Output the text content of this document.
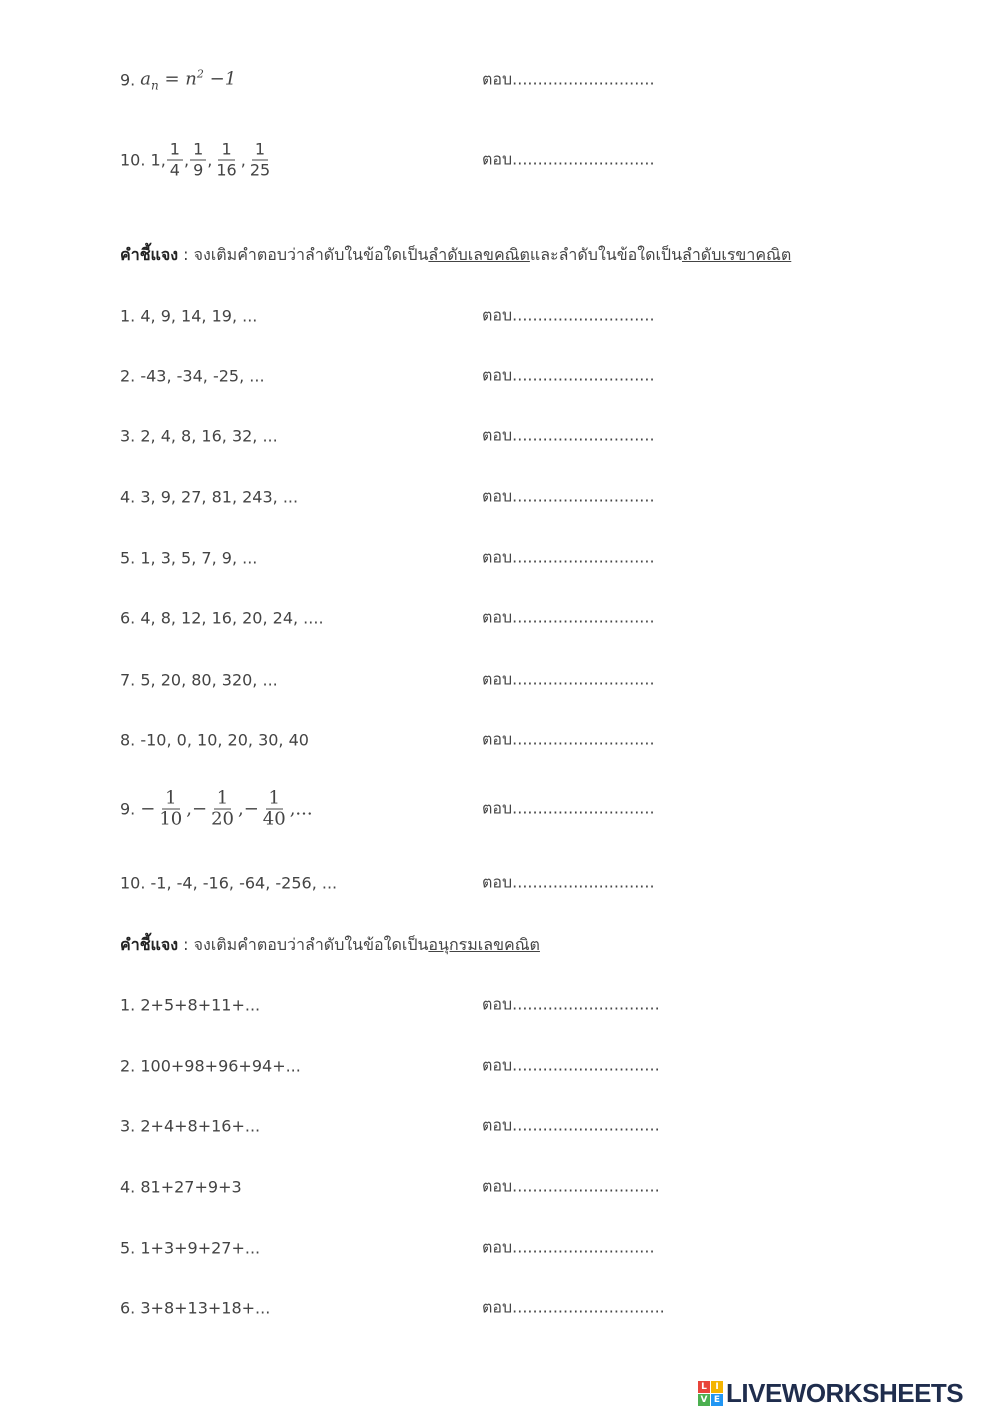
9. $a_n = n^2 -1$	ตอบ............................
10. 1, $\frac{1}{4}$ , $\frac{1}{9}$ , $\frac{1}{16}$ , $\frac{1}{25}$	ตอบ............................
คำชี้แจง : จงเติมคำตอบว่าลำดับในข้อใดเป็นลำดับเลขคณิตและลำดับในข้อใดเป็นลำดับเรขาคณิต
1. 4, 9, 14, 19, ...	ตอบ............................
2. -43, -34, -25, ...	ตอบ............................
3. 2, 4, 8, 16, 32, ...	ตอบ............................
4. 3, 9, 27, 81, 243, ...	ตอบ............................
5. 1, 3, 5, 7, 9, ...	ตอบ............................
6. 4, 8, 12, 16, 20, 24, ....	ตอบ............................
7. 5, 20, 80, 320, ...	ตอบ............................
8. -10, 0, 10, 20, 30, 40	ตอบ............................
9. − $\frac{1}{10}$ ,− $\frac{1}{20}$ ,− $\frac{1}{40}$ ,...	ตอบ............................
10. -1, -4, -16, -64, -256, ...	ตอบ............................
คำชี้แจง : จงเติมคำตอบว่าลำดับในข้อใดเป็นอนุกรมเลขคณิต
1. 2+5+8+11+...	ตอบ.............................
2. 100+98+96+94+...	ตอบ.............................
3. 2+4+8+16+...	ตอบ.............................
4. 81+27+9+3	ตอบ.............................
5. 1+3+9+27+...	ตอบ............................
6. 3+8+13+18+...	ตอบ..............................
L I
V E LIVEWORKSHEETS
